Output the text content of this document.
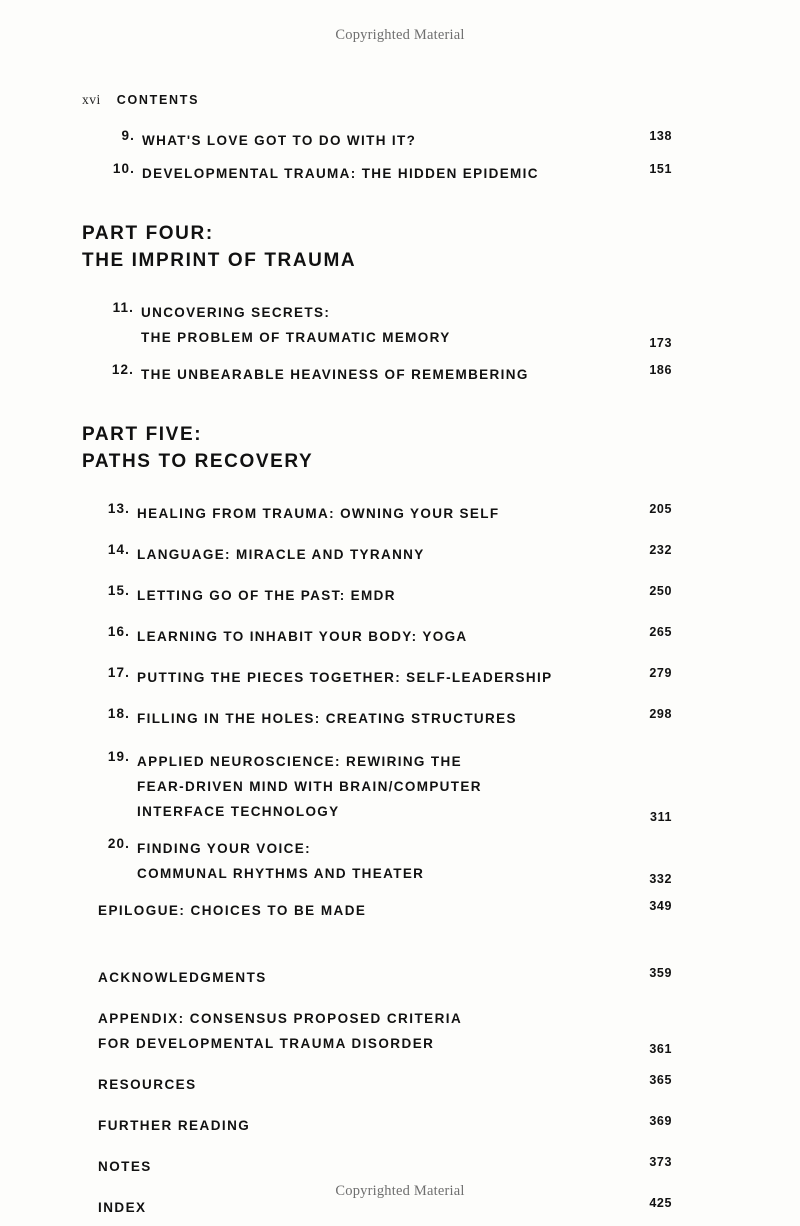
Copyrighted Material
xvi CONTENTS
9. WHAT'S LOVE GOT TO DO WITH IT?	138
10. DEVELOPMENTAL TRAUMA: THE HIDDEN EPIDEMIC	151
PART FOUR:
THE IMPRINT OF TRAUMA
11. UNCOVERING SECRETS:
THE PROBLEM OF TRAUMATIC MEMORY	173
12. THE UNBEARABLE HEAVINESS OF REMEMBERING	186
PART FIVE:
PATHS TO RECOVERY
13. HEALING FROM TRAUMA: OWNING YOUR SELF	205
14. LANGUAGE: MIRACLE AND TYRANNY	232
15. LETTING GO OF THE PAST: EMDR	250
16. LEARNING TO INHABIT YOUR BODY: YOGA	265
17. PUTTING THE PIECES TOGETHER: SELF-LEADERSHIP	279
18. FILLING IN THE HOLES: CREATING STRUCTURES	298
19. APPLIED NEUROSCIENCE: REWIRING THE
FEAR-DRIVEN MIND WITH BRAIN/COMPUTER
INTERFACE TECHNOLOGY	311
20. FINDING YOUR VOICE:
COMMUNAL RHYTHMS AND THEATER	332
EPILOGUE: CHOICES TO BE MADE	349
ACKNOWLEDGMENTS	359
APPENDIX: CONSENSUS PROPOSED CRITERIA
FOR DEVELOPMENTAL TRAUMA DISORDER	361
RESOURCES	365
FURTHER READING	369
NOTES	373
INDEX	425
Copyrighted Material
